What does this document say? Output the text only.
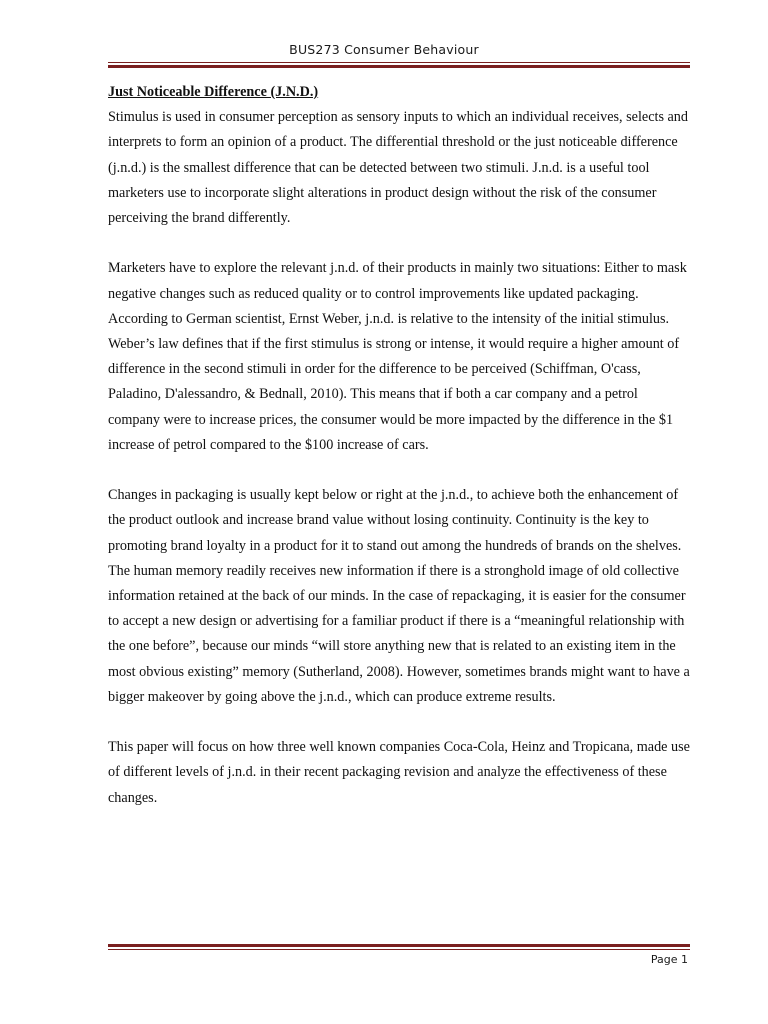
BUS273 Consumer Behaviour

Just Noticeable Difference (J.N.D.)

Stimulus is used in consumer perception as sensory inputs to which an individual receives, selects and interprets to form an opinion of a product. The differential threshold or the just noticeable difference (j.n.d.) is the smallest difference that can be detected between two stimuli. J.n.d. is a useful tool marketers use to incorporate slight alterations in product design without the risk of the consumer perceiving the brand differently.

Marketers have to explore the relevant j.n.d. of their products in mainly two situations: Either to mask negative changes such as reduced quality or to control improvements like updated packaging. According to German scientist, Ernst Weber, j.n.d. is relative to the intensity of the initial stimulus. Weber’s law defines that if the first stimulus is strong or intense, it would require a higher amount of difference in the second stimuli in order for the difference to be perceived (Schiffman, O'cass, Paladino, D'alessandro, & Bednall, 2010). This means that if both a car company and a petrol company were to increase prices, the consumer would be more impacted by the difference in the $1 increase of petrol compared to the $100 increase of cars.

Changes in packaging is usually kept below or right at the j.n.d., to achieve both the enhancement of the product outlook and increase brand value without losing continuity. Continuity is the key to promoting brand loyalty in a product for it to stand out among the hundreds of brands on the shelves. The human memory readily receives new information if there is a stronghold image of old collective information retained at the back of our minds. In the case of repackaging, it is easier for the consumer to accept a new design or advertising for a familiar product if there is a “meaningful relationship with the one before”, because our minds “will store anything new that is related to an existing item in the most obvious existing” memory (Sutherland, 2008). However, sometimes brands might want to have a bigger makeover by going above the j.n.d., which can produce extreme results.

This paper will focus on how three well known companies Coca-Cola, Heinz and Tropicana, made use of different levels of j.n.d. in their recent packaging revision and analyze the effectiveness of these changes.

Page 1
